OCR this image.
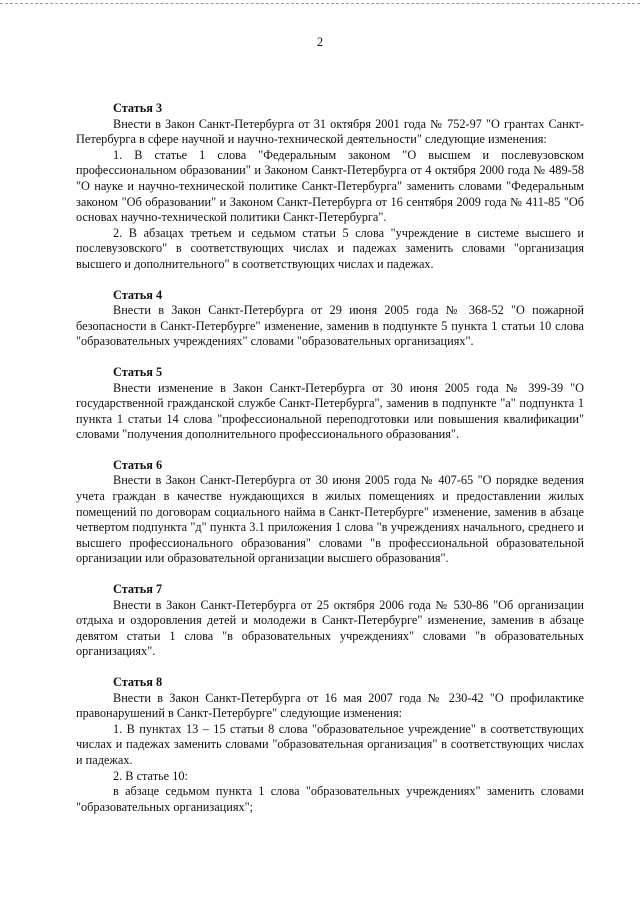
2

Статья 3

Внести в Закон Санкт-Петербурга от 31 октября 2001 года № 752-97 "О грантах Санкт-Петербурга в сфере научной и научно-технической деятельности" следующие изменения:

1. В статье 1 слова "Федеральным законом "О высшем и послевузовском профессиональном образовании" и Законом Санкт-Петербурга от 4 октября 2000 года № 489-58 "О науке и научно-технической политике Санкт-Петербурга" заменить словами "Федеральным законом "Об образовании" и Законом Санкт-Петербурга от 16 сентября 2009 года № 411-85 "Об основах научно-технической политики Санкт-Петербурга".

2. В абзацах третьем и седьмом статьи 5 слова "учреждение в системе высшего и послевузовского" в соответствующих числах и падежах заменить словами "организация высшего и дополнительного" в соответствующих числах и падежах.

Статья 4

Внести в Закон Санкт-Петербурга от 29 июня 2005 года № 368-52 "О пожарной безопасности в Санкт-Петербурге" изменение, заменив в подпункте 5 пункта 1 статьи 10 слова "образовательных учреждениях" словами "образовательных организациях".

Статья 5

Внести изменение в Закон Санкт-Петербурга от 30 июня 2005 года № 399-39 "О государственной гражданской службе Санкт-Петербурга", заменив в подпункте "а" подпункта 1 пункта 1 статьи 14 слова "профессиональной переподготовки или повышения квалификации" словами "получения дополнительного профессионального образования".

Статья 6

Внести в Закон Санкт-Петербурга от 30 июня 2005 года № 407-65 "О порядке ведения учета граждан в качестве нуждающихся в жилых помещениях и предоставлении жилых помещений по договорам социального найма в Санкт-Петербурге" изменение, заменив в абзаце четвертом подпункта "д" пункта 3.1 приложения 1 слова "в учреждениях начального, среднего и высшего профессионального образования" словами "в профессиональной образовательной организации или образовательной организации высшего образования".

Статья 7

Внести в Закон Санкт-Петербурга от 25 октября 2006 года № 530-86 "Об организации отдыха и оздоровления детей и молодежи в Санкт-Петербурге" изменение, заменив в абзаце девятом статьи 1 слова "в образовательных учреждениях" словами "в образовательных организациях".

Статья 8

Внести в Закон Санкт-Петербурга от 16 мая 2007 года № 230-42 "О профилактике правонарушений в Санкт-Петербурге" следующие изменения:

1. В пунктах 13 – 15 статьи 8 слова "образовательное учреждение" в соответствующих числах и падежах заменить словами "образовательная организация" в соответствующих числах и падежах.

2. В статье 10:

в абзаце седьмом пункта 1 слова "образовательных учреждениях" заменить словами "образовательных организациях";
